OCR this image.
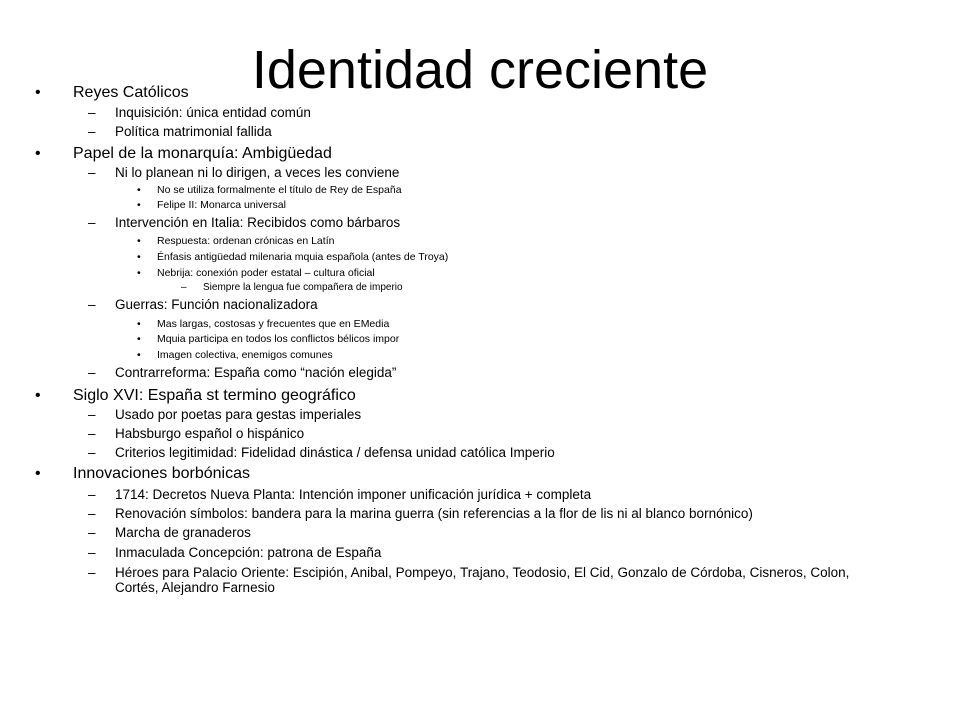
• Reyes Católicos
– Inquisición: única entidad común
– Política matrimonial fallida
• Papel de la monarquía: Ambigüedad
– Ni lo planean ni lo dirigen, a veces les conviene
• No se utiliza formalmente el título de Rey de España
• Felipe II: Monarca universal
– Intervención en Italia: Recibidos como bárbaros
• Respuesta: ordenan crónicas en Latín
• Énfasis antigüedad milenaria mquia española (antes de Troya)
• Nebrija: conexión poder estatal – cultura oficial
– Siempre la lengua fue compañera de imperio
– Guerras: Función nacionalizadora
• Mas largas, costosas y frecuentes que en EMedia
• Mquia participa en todos los conflictos bélicos impor
• Imagen colectiva, enemigos comunes
– Contrarreforma: España como “nación elegida”
• Siglo XVI: España st termino geográfico
– Usado por poetas para gestas imperiales
– Habsburgo español o hispánico
– Criterios legitimidad: Fidelidad dinástica / defensa unidad católica Imperio
• Innovaciones borbónicas
– 1714: Decretos Nueva Planta: Intención imponer unificación jurídica + completa
– Renovación símbolos: bandera para la marina guerra (sin referencias a la flor de lis ni al blanco bornónico)
– Marcha de granaderos
– Inmaculada Concepción: patrona de España
– Héroes para Palacio Oriente: Escipión, Anibal, Pompeyo, Trajano, Teodosio, El Cid, Gonzalo de Córdoba, Cisneros, Colon, Cortés, Alejandro Farnesio
Identidad creciente
